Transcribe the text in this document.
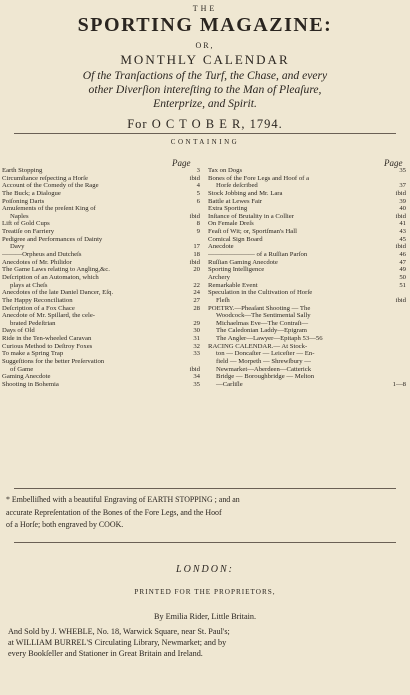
THE
SPORTING MAGAZINE:
OR,
MONTHLY CALENDAR
Of the Tranſactions of the Turf, the Chase, and every
other Diverſion intereſting to the Man of Pleaſure,
Enterprize, and Spirit.
For O C T O B E R, 1794.
CONTAINING
Page	Page
Earth Stopping	3
Circumſtance reſpecting a Horſe	ibid
Account of the Comedy of the Rage	4
The Buck; a Dialogue	5
Poiſoning Darts	6
Amuſements of the preſent King of
Naples	ibid
Lift of Gold Cups	8
Treatiſe on Farriery	9
Pedigree and Performances of Dainty
Davy	17
———Orpheus and Dutcheſs	18
Anecdotes of Mr. Philidor	ibid
The Game Laws relating to Angling,&c.	20
Deſcription of an Automaton, which
plays at Cheſs	22
Anecdotes of the late Daniel Dancer, Eſq.	24
The Happy Reconciliation	27
Deſcription of a Fox Chace	28
Anecdote of Mr. Spillard, the cele-
brated Pedeſtrian	29
Days of Old	30
Ride in the Ten-wheeled Caravan	31
Curious Method to Deſtroy Foxes	32
To make a Spring Trap	33
Suggeſtions for the better Preſervation
of Game	ibid
Gaming Anecdote	34
Shooting in Bohemia	35
Tax on Dogs	35
Bones of the Fore Legs and Hoof of a
Horſe deſcribed	37
Stock Jobbing and Mr. Lara	ibid
Battle at Lewes Fair	39
Extra Sporting	40
Inſtance of Brutality in a Collier	ibid
On Female Dreſs	41
Feaſt of Wit; or, Sportſman's Hall	43
Comical Sign Board	45
Anecdote	ibid
——————— of a Ruſſian Parſon	46
Ruſſian Gaming Anecdote	47
Sporting Intelligence	49
Archery	50
Remarkable Event	51
Speculation in the Cultivation of Horſe
Fleſh	ibid
POETRY.—Pheaſant Shooting — The
Woodcock—The Sentimental Sally
Michaelmas Eve—The Contraſt—
The Caledonian Laddy—Epigram
The Angler—Lawyer—Epitaph 53—56
RACING CALENDAR.— At Stock-
ton — Doncaſter — Leiceſter — En-
field — Morpeth — Shrewſbury —
Newmarket—Aberdeen—Catterick
Bridge — Boroughbridge — Melton
—Carliſle	1—8
* Embelliſhed with a beautiful Engraving of EARTH STOPPING ; and an
accurate Repreſentation of the Bones of the Fore Legs, and the Hoof
of a Horſe; both engraved by COOK.
LONDON:
PRINTED FOR THE PROPRIETORS,
By Emilia Rider, Little Britain.
And Sold by J. WHEBLE, No. 18, Warwick Square, near St. Paul's;
at WILLIAM BURREL'S Circulating Library, Newmarket; and by
every Bookſeller and Stationer in Great Britain and Ireland.
